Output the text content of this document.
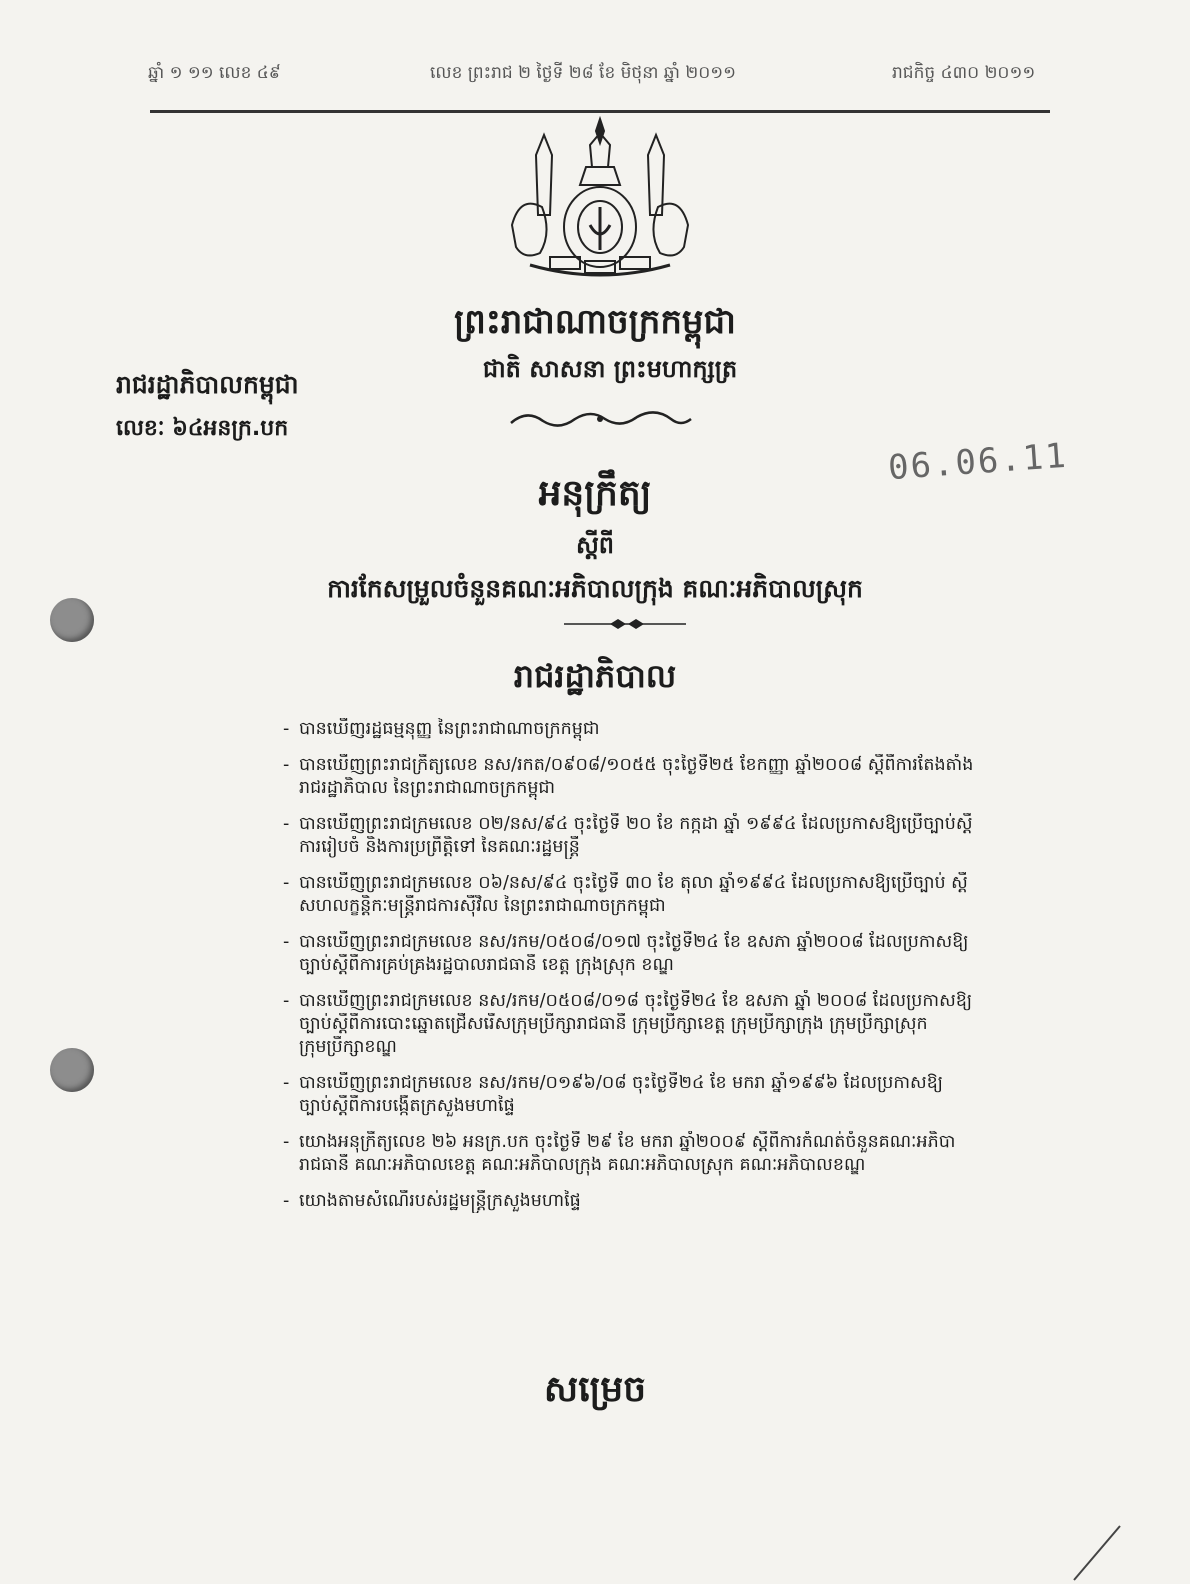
ឆ្នាំ ១ ១១ លេខ ៤៩	លេខ ព្រះរាជ ២ ថ្ងៃទី ២៨ ខែ មិថុនា ឆ្នាំ ២០១១	រាជកិច្ច ៤៣០ ២០១១
ព្រះរាជាណាចក្រកម្ពុជា
ជាតិ សាសនា ព្រះមហាក្សត្រ
រាជរដ្ឋាភិបាលកម្ពុជា
លេខៈ ៦៤អនក្រ.បក
06.06.11
អនុក្រឹត្យ
ស្ដីពី
ការកែសម្រួលចំនួនគណៈអភិបាលក្រុង គណៈអភិបាលស្រុក
រាជរដ្ឋាភិបាល
- បានឃើញរដ្ឋធម្មនុញ្ញ នៃព្រះរាជាណាចក្រកម្ពុជា
- បានឃើញព្រះរាជក្រឹត្យលេខ នស/រកត/០៩០៨/១០៥៥ ចុះថ្ងៃទី២៥ ខែកញ្ញា ឆ្នាំ២០០៨ ស្ដីពីការតែងតាំង
រាជរដ្ឋាភិបាល នៃព្រះរាជាណាចក្រកម្ពុជា
- បានឃើញព្រះរាជក្រមលេខ ០២/នស/៩៤ ចុះថ្ងៃទី ២០ ខែ កក្កដា ឆ្នាំ ១៩៩៤ ដែលប្រកាសឱ្យប្រើច្បាប់ស្ដី
ការរៀបចំ និងការប្រព្រឹត្តិទៅ នៃគណៈរដ្ឋមន្ត្រី
- បានឃើញព្រះរាជក្រមលេខ ០៦/នស/៩៤ ចុះថ្ងៃទី ៣០ ខែ តុលា ឆ្នាំ១៩៩៤ ដែលប្រកាសឱ្យប្រើច្បាប់ ស្ដី
សហលក្ខន្តិកៈមន្ត្រីរាជការស៊ីវិល នៃព្រះរាជាណាចក្រកម្ពុជា
- បានឃើញព្រះរាជក្រមលេខ នស/រកម/០៥០៨/០១៧ ចុះថ្ងៃទី២៤ ខែ ឧសភា ឆ្នាំ២០០៨ ដែលប្រកាសឱ្យ
ច្បាប់ស្ដីពីការគ្រប់គ្រងរដ្ឋបាលរាជធានី ខេត្ត ក្រុងស្រុក ខណ្ឌ
- បានឃើញព្រះរាជក្រមលេខ នស/រកម/០៥០៨/០១៨ ចុះថ្ងៃទី២៤ ខែ ឧសភា ឆ្នាំ ២០០៨ ដែលប្រកាសឱ្យ
ច្បាប់ស្ដីពីការបោះឆ្នោតជ្រើសរើសក្រុមប្រឹក្សារាជធានី ក្រុមប្រឹក្សាខេត្ត ក្រុមប្រឹក្សាក្រុង ក្រុមប្រឹក្សាស្រុក
ក្រុមប្រឹក្សាខណ្ឌ
- បានឃើញព្រះរាជក្រមលេខ នស/រកម/០១៩៦/០៨ ចុះថ្ងៃទី២៤ ខែ មករា ឆ្នាំ១៩៩៦ ដែលប្រកាសឱ្យ
ច្បាប់ស្ដីពីការបង្កើតក្រសួងមហាផ្ទៃ
- យោងអនុក្រឹត្យលេខ ២៦ អនក្រ.បក ចុះថ្ងៃទី ២៩ ខែ មករា ឆ្នាំ២០០៩ ស្ដីពីការកំណត់ចំនួនគណៈអភិបា
រាជធានី គណៈអភិបាលខេត្ត គណៈអភិបាលក្រុង គណៈអភិបាលស្រុក គណៈអភិបាលខណ្ឌ
- យោងតាមសំណើរបស់រដ្ឋមន្ត្រីក្រសួងមហាផ្ទៃ
សម្រេច
